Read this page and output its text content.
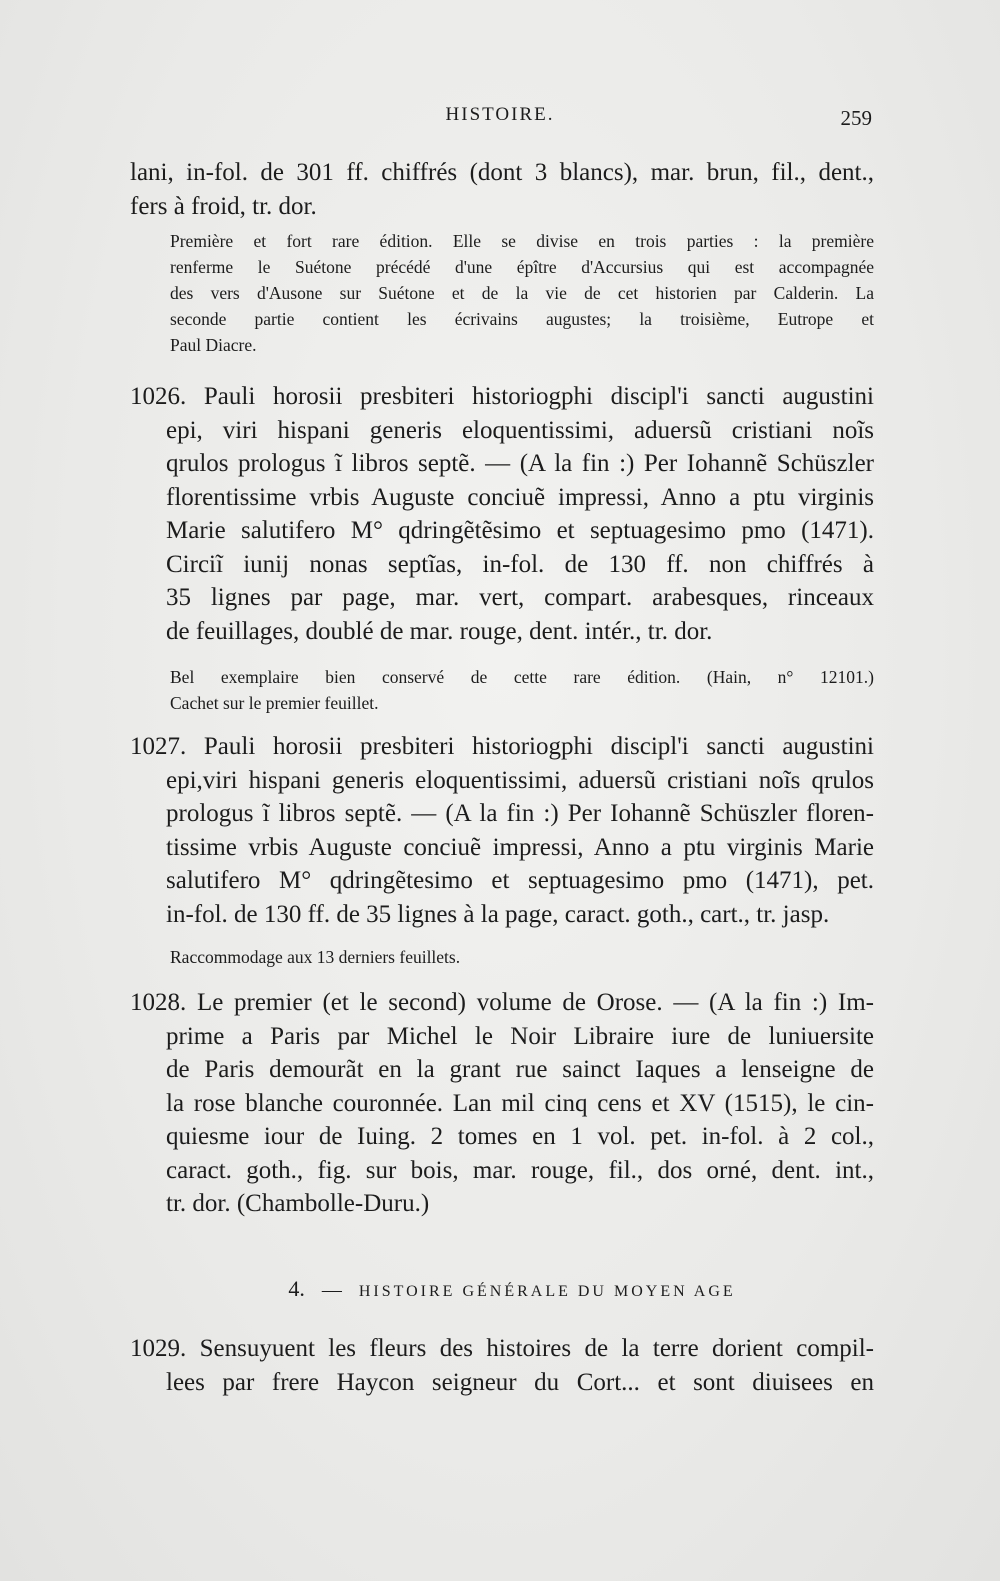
HISTOIRE.	259
lani, in-fol. de 301 ff. chiffrés (dont 3 blancs), mar. brun, fil., dent.,
fers à froid, tr. dor.
Première et fort rare édition. Elle se divise en trois parties : la première
renferme le Suétone précédé d'une épître d'Accursius qui est accompagnée
des vers d'Ausone sur Suétone et de la vie de cet historien par Calderin. La
seconde partie contient les écrivains augustes; la troisième, Eutrope et
Paul Diacre.
1026. Pauli horosii presbiteri historiogphi discipl'i sancti augustini
epi, viri hispani generis eloquentissimi, aduersũ cristiani noĩs
qrulos prologus ĩ libros septẽ. — (A la fin :) Per Iohannẽ Schüszler
florentissime vrbis Auguste conciuẽ impressi, Anno a ptu virginis
Marie salutifero M° qdringẽtẽsimo et septuagesimo pmo (1471).
Circiĩ iunij nonas septĩas, in-fol. de 130 ff. non chiffrés à
35 lignes par page, mar. vert, compart. arabesques, rinceaux
de feuillages, doublé de mar. rouge, dent. intér., tr. dor.
Bel exemplaire bien conservé de cette rare édition. (Hain, n° 12101.)
Cachet sur le premier feuillet.
1027. Pauli horosii presbiteri historiogphi discipl'i sancti augustini
epi,viri hispani generis eloquentissimi, aduersũ cristiani noĩs qrulos
prologus ĩ libros septẽ. — (A la fin :) Per Iohannẽ Schüszler floren-
tissime vrbis Auguste conciuẽ impressi, Anno a ptu virginis Marie
salutifero M° qdringẽtesimo et septuagesimo pmo (1471), pet.
in-fol. de 130 ff. de 35 lignes à la page, caract. goth., cart., tr. jasp.
Raccommodage aux 13 derniers feuillets.
1028. Le premier (et le second) volume de Orose. — (A la fin :) Im-
prime a Paris par Michel le Noir Libraire iure de luniuersite
de Paris demourãt en la grant rue sainct Iaques a lenseigne de
la rose blanche couronnée. Lan mil cinq cens et XV (1515), le cin-
quiesme iour de Iuing. 2 tomes en 1 vol. pet. in-fol. à 2 col.,
caract. goth., fig. sur bois, mar. rouge, fil., dos orné, dent. int.,
tr. dor. (Chambolle-Duru.)
4. — HISTOIRE GÉNÉRALE DU MOYEN AGE
1029. Sensuyuent les fleurs des histoires de la terre dorient compil-
lees par frere Haycon seigneur du Cort... et sont diuisees en
